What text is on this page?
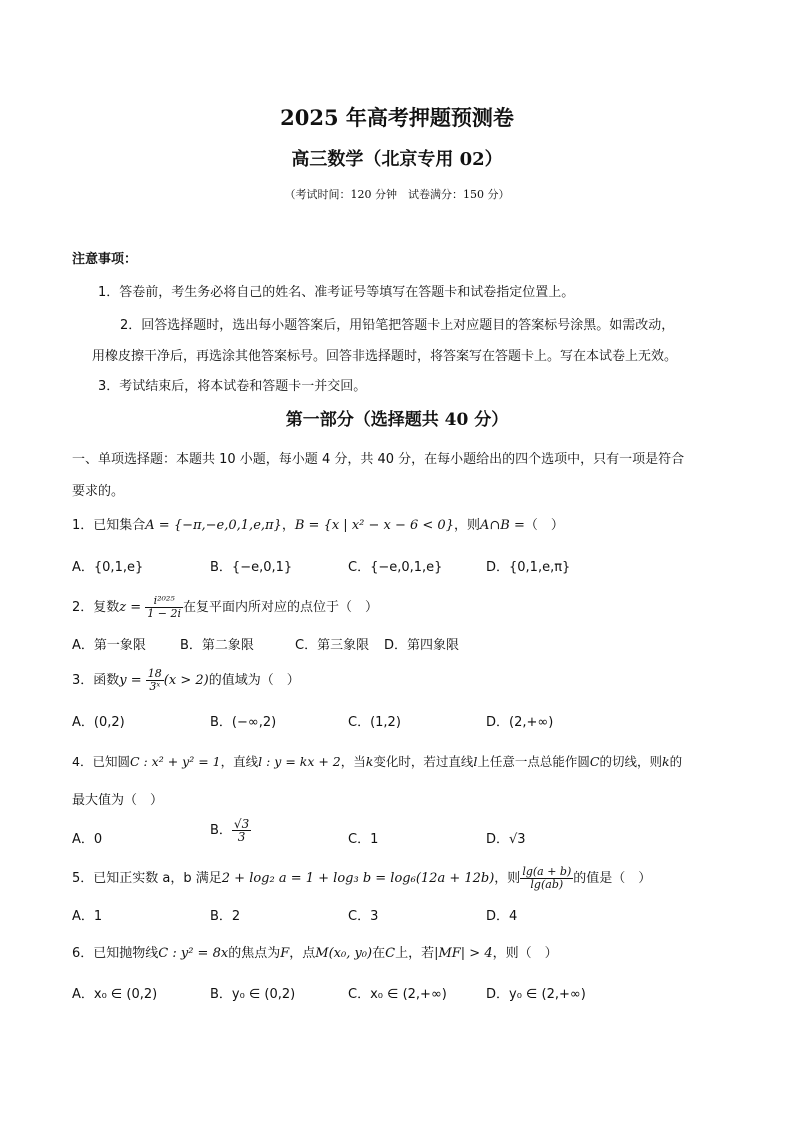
2025 年高考押题预测卷
高三数学（北京专用 02）
（考试时间：120 分钟　试卷满分：150 分）
注意事项：
1．答卷前，考生务必将自己的姓名、准考证号等填写在答题卡和试卷指定位置上。
2．回答选择题时，选出每小题答案后，用铅笔把答题卡上对应题目的答案标号涂黑。如需改动，
用橡皮擦干净后，再选涂其他答案标号。回答非选择题时，将答案写在答题卡上。写在本试卷上无效。
3．考试结束后，将本试卷和答题卡一并交回。
第一部分（选择题共 40 分）
一、单项选择题：本题共 10 小题，每小题 4 分，共 40 分，在每小题给出的四个选项中，只有一项是符合
要求的。
1．已知集合A = {−π,−e,0,1,e,π}，B = {x | x² − x − 6 < 0}，则A∩B =（　）
A．{0,1,e}	B．{−e,0,1}	C．{−e,0,1,e}	D．{0,1,e,π}
2．复数$z = \frac{\text{i²⁰²⁵}}{1 - 2i}$ 在复平面内所对应的点位于（　）
A．第一象限	B．第二象限	C．第三象限 D．第四象限
3．函数$y = \frac{18}{\text{3ˣ}} (x > 2)$的值域为（　）
A．(0,2)	B．(−∞,2)	C．(1,2)	D．(2,+∞)
4．已知圆C : x² + y² = 1，直线l : y = kx + 2，当k变化时，若过直线l上任意一点总能作圆C的切线，则k的
最大值为（　）
A．0
B． $\frac{√3}{3}$	C．1	D．√3
5．已知正实数 a，b 满足2 + log₂ a = 1 + log₃ b = log₆(12a + 12b)，则 $\frac{\lg(a + b)}{\lg(ab)}$ 的值是（　）
A．1	B．2	C．3	D．4
6．已知抛物线C : y² = 8x的焦点为F，点M(x₀, y₀)在C上，若|MF| > 4，则（　）
A．x₀ ∈ (0,2)	B．y₀ ∈ (0,2)	C．x₀ ∈ (2,+∞)	D．y₀ ∈ (2,+∞)
